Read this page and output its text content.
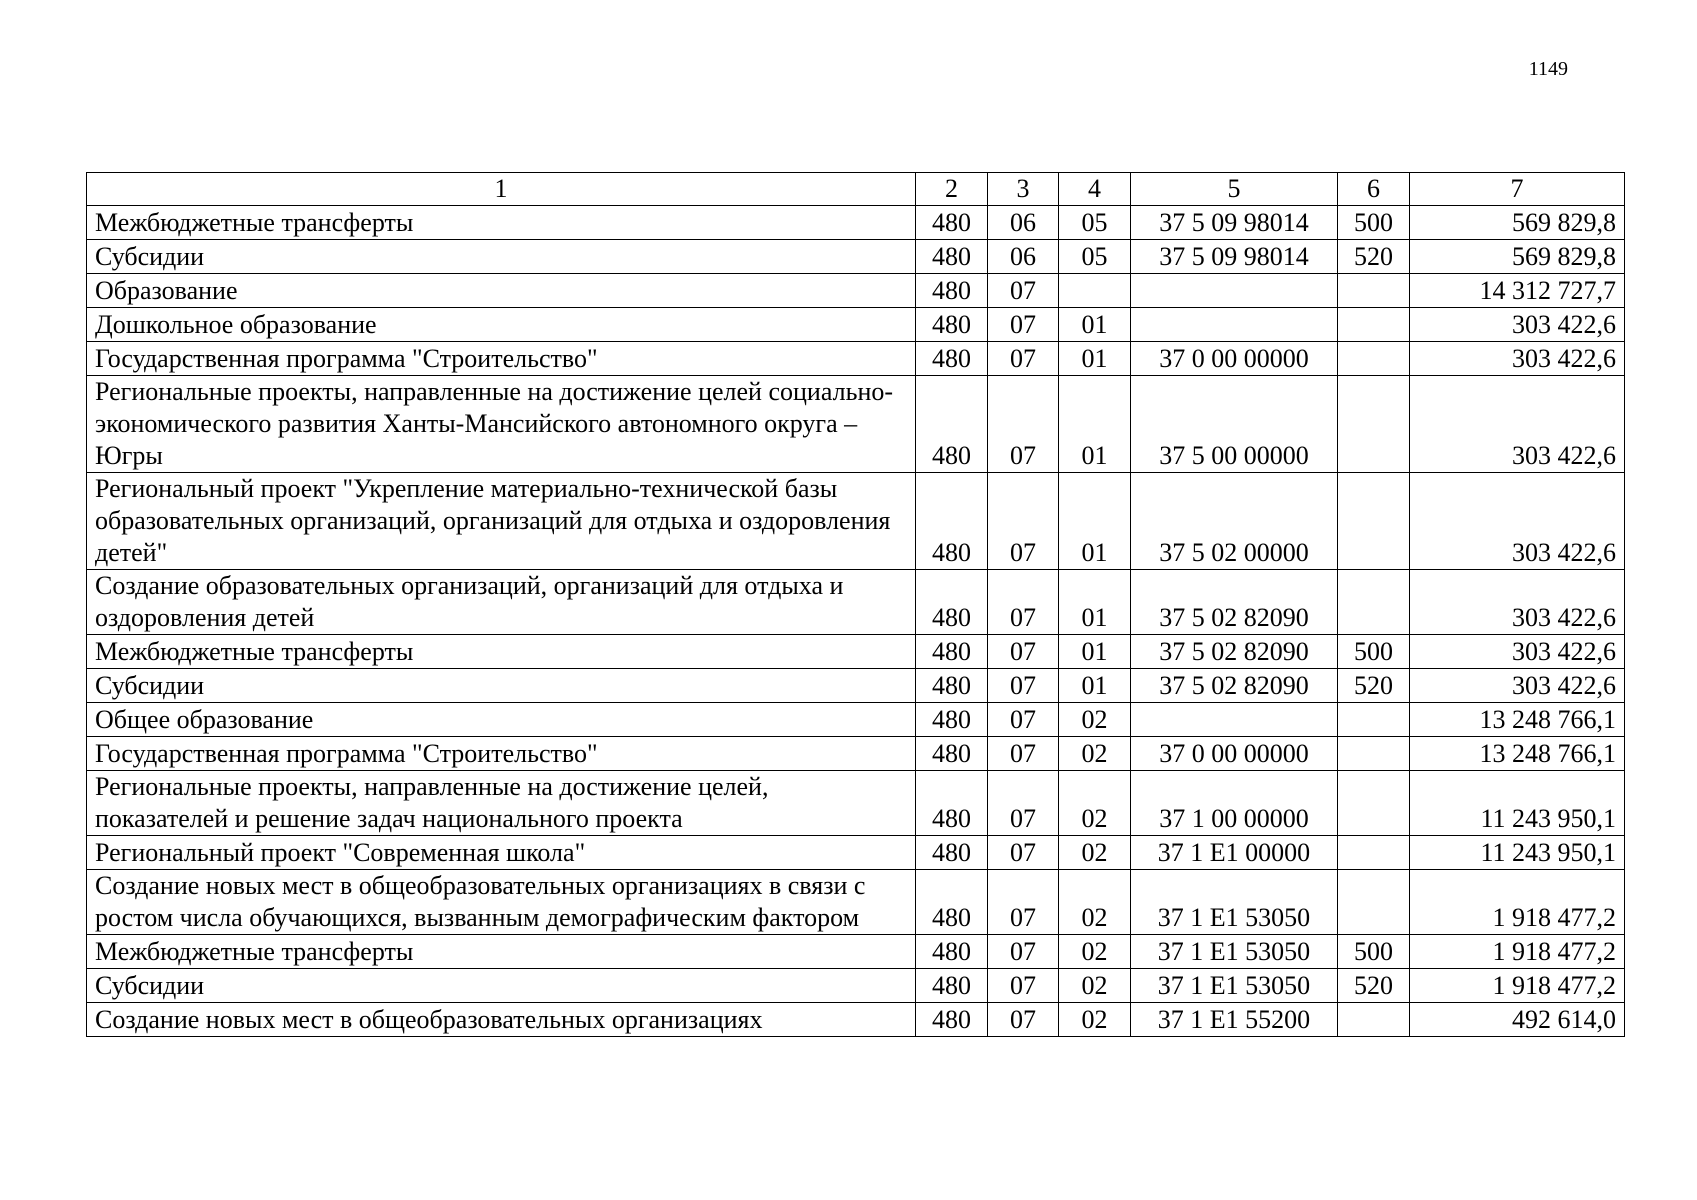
1149
1	2	3	4	5	6	7
Межбюджетные трансферты	480	06	05	37 5 09 98014	500	569 829,8
Субсидии	480	06	05	37 5 09 98014	520	569 829,8
Образование	480	07				14 312 727,7
Дошкольное образование	480	07	01			303 422,6
Государственная программа "Строительство"	480	07	01	37 0 00 00000		303 422,6
Региональные проекты, направленные на достижение целей социально-экономического развития Ханты-Мансийского автономного округа – Югры	480	07	01	37 5 00 00000		303 422,6
Региональный проект "Укрепление материально-технической базы образовательных организаций, организаций для отдыха и оздоровления детей"	480	07	01	37 5 02 00000		303 422,6
Создание образовательных организаций, организаций для отдыха и оздоровления детей	480	07	01	37 5 02 82090		303 422,6
Межбюджетные трансферты	480	07	01	37 5 02 82090	500	303 422,6
Субсидии	480	07	01	37 5 02 82090	520	303 422,6
Общее образование	480	07	02			13 248 766,1
Государственная программа "Строительство"	480	07	02	37 0 00 00000		13 248 766,1
Региональные проекты, направленные на достижение целей, показателей и решение задач национального проекта	480	07	02	37 1 00 00000		11 243 950,1
Региональный проект "Современная школа"	480	07	02	37 1 E1 00000		11 243 950,1
Создание новых мест в общеобразовательных организациях в связи с ростом числа обучающихся, вызванным демографическим фактором	480	07	02	37 1 E1 53050		1 918 477,2
Межбюджетные трансферты	480	07	02	37 1 E1 53050	500	1 918 477,2
Субсидии	480	07	02	37 1 E1 53050	520	1 918 477,2
Создание новых мест в общеобразовательных организациях	480	07	02	37 1 E1 55200		492 614,0
